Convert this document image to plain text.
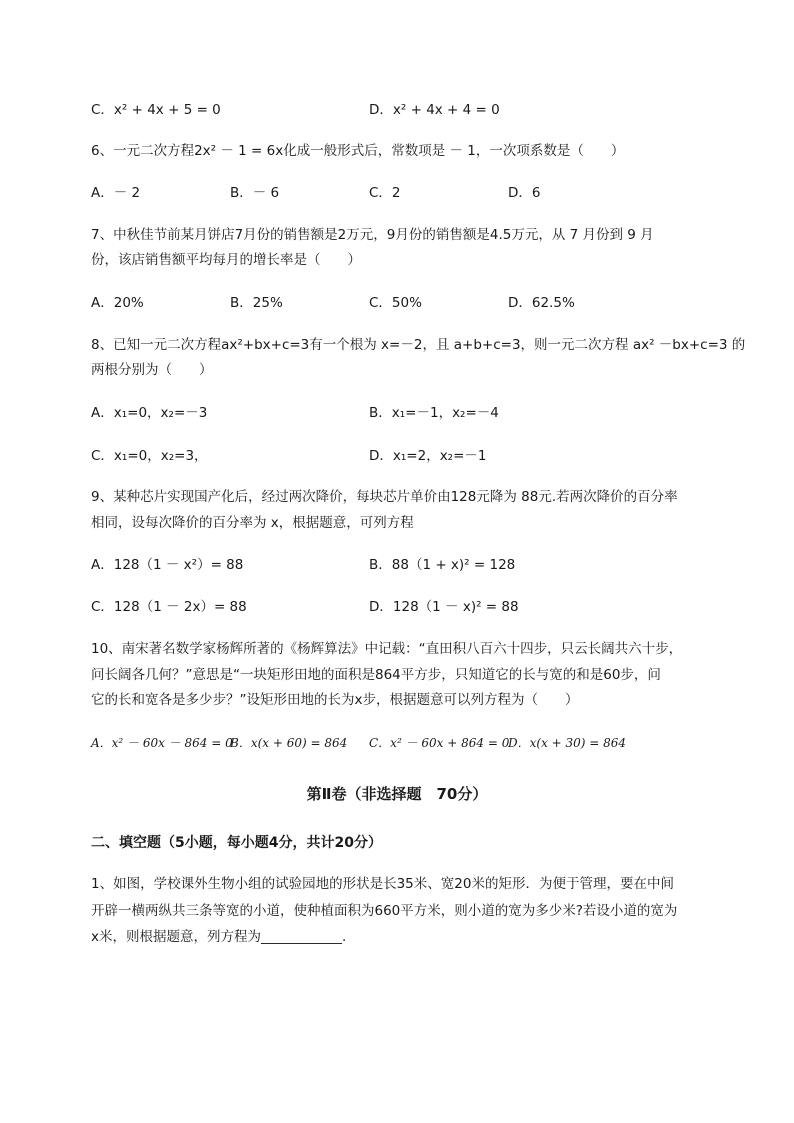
C．x² + 4x + 5 = 0	D．x² + 4x + 4 = 0
6、一元二次方程2x² － 1 = 6x化成一般形式后，常数项是 － 1，一次项系数是（　　）
A．－ 2	B．－ 6	C．2	D．6
7、中秋佳节前某月饼店7月份的销售额是2万元，9月份的销售额是4.5万元，从 7 月份到 9 月
份，该店销售额平均每月的增长率是（　　）
A．20%	B．25%	C．50%	D．62.5%
8、已知一元二次方程ax²+bx+c=3有一个根为 x=－2，且 a+b+c=3，则一元二次方程 ax² －bx+c=3 的
两根分别为（　　）
A．x₁=0，x₂=－3	B．x₁=－1，x₂=－4
C．x₁=0，x₂=3，	D．x₁=2，x₂=－1
9、某种芯片实现国产化后，经过两次降价，每块芯片单价由128元降为 88元.若两次降价的百分率
相同，设每次降价的百分率为 x，根据题意，可列方程
A．128（1 － x²）= 88	B．88（1 + x)² = 128
C．128（1 － 2x）= 88	D．128（1 － x)² = 88
10、南宋著名数学家杨辉所著的《杨辉算法》中记载：“直田积八百六十四步，只云长阔共六十步，
问长阔各几何？”意思是“一块矩形田地的面积是864平方步，只知道它的长与宽的和是60步，问
它的长和宽各是多少步？”设矩形田地的长为x步，根据题意可以列方程为（　　）
A．x² － 60x － 864 = 0
B．x(x + 60) = 864 C．x² － 60x + 864 = 0
D．x(x + 30) = 864
第Ⅱ卷（非选择题　70分）
二、填空题（5小题，每小题4分，共计20分）
1、如图，学校课外生物小组的试验园地的形状是长35米、宽20米的矩形．为便于管理，要在中间
开辟一横两纵共三条等宽的小道，使种植面积为660平方米，则小道的宽为多少米?若设小道的宽为
x米，则根据题意，列方程为____________.
